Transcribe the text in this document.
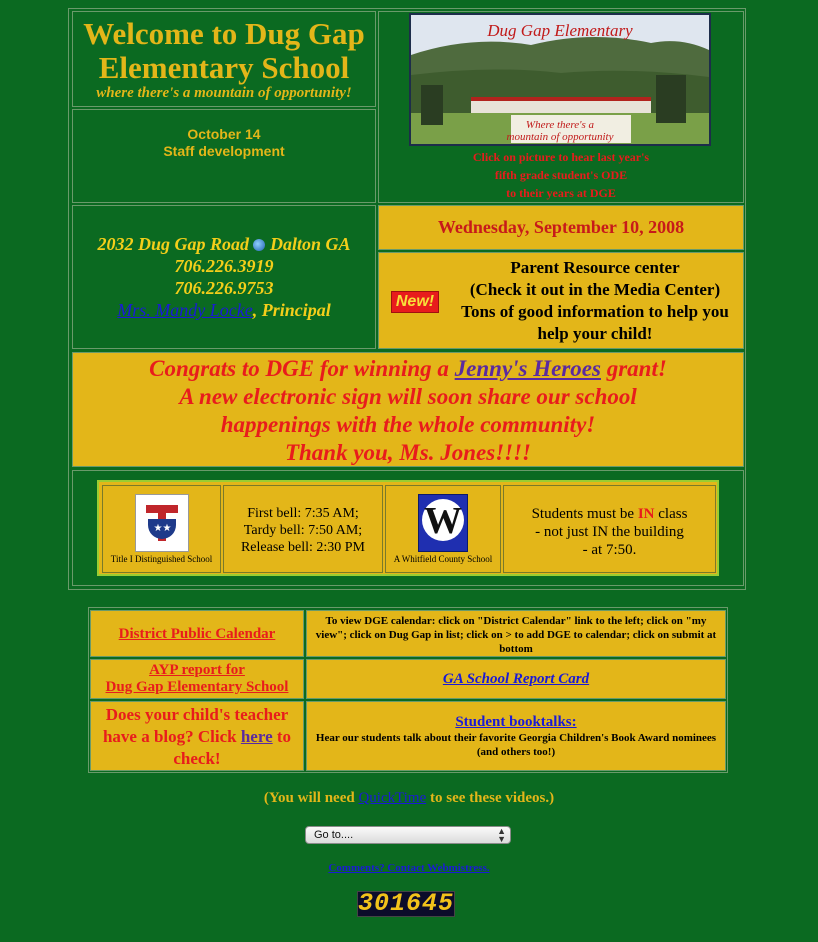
Welcome to Dug Gap
Elementary School
where there's a mountain of opportunity!
Dug Gap Elementary
Where there's a
mountain of opportunity
Click on picture to hear last year's
fifth grade student's ODE
to their years at DGE
October 14
Staff development
2032 Dug Gap Road Dalton GA
706.226.3919
706.226.9753
Mrs. Mandy Locke, Principal
Wednesday, September 10, 2008
New!
Parent Resource center
(Check it out in the Media Center)
Tons of good information to help you
help your child!
Congrats to DGE for winning a Jenny's Heroes grant!
A new electronic sign will soon share our school
happenings with the whole community!
Thank you, Ms. Jones!!!!
★★
Title I Distinguished School
First bell: 7:35 AM;
Tardy bell: 7:50 AM;
Release bell: 2:30 PM
W
A Whitfield County School
Students must be IN class
- not just IN the building
- at 7:50.
District Public Calendar
To view DGE calendar: click on "District Calendar" link to the left; click on "my view"; click on Dug Gap in list; click on > to add DGE to calendar; click on submit at bottom
AYP report for
Dug Gap Elementary School	GA School Report Card
Does your child's teacher have a blog? Click here to check!
Student booktalks:
Hear our students talk about their favorite Georgia Children's Book Award nominees (and others too!)
(You will need QuickTime to see these videos.)
Go to....	▲
▼
Comments? Contact Webmistress.
301645
